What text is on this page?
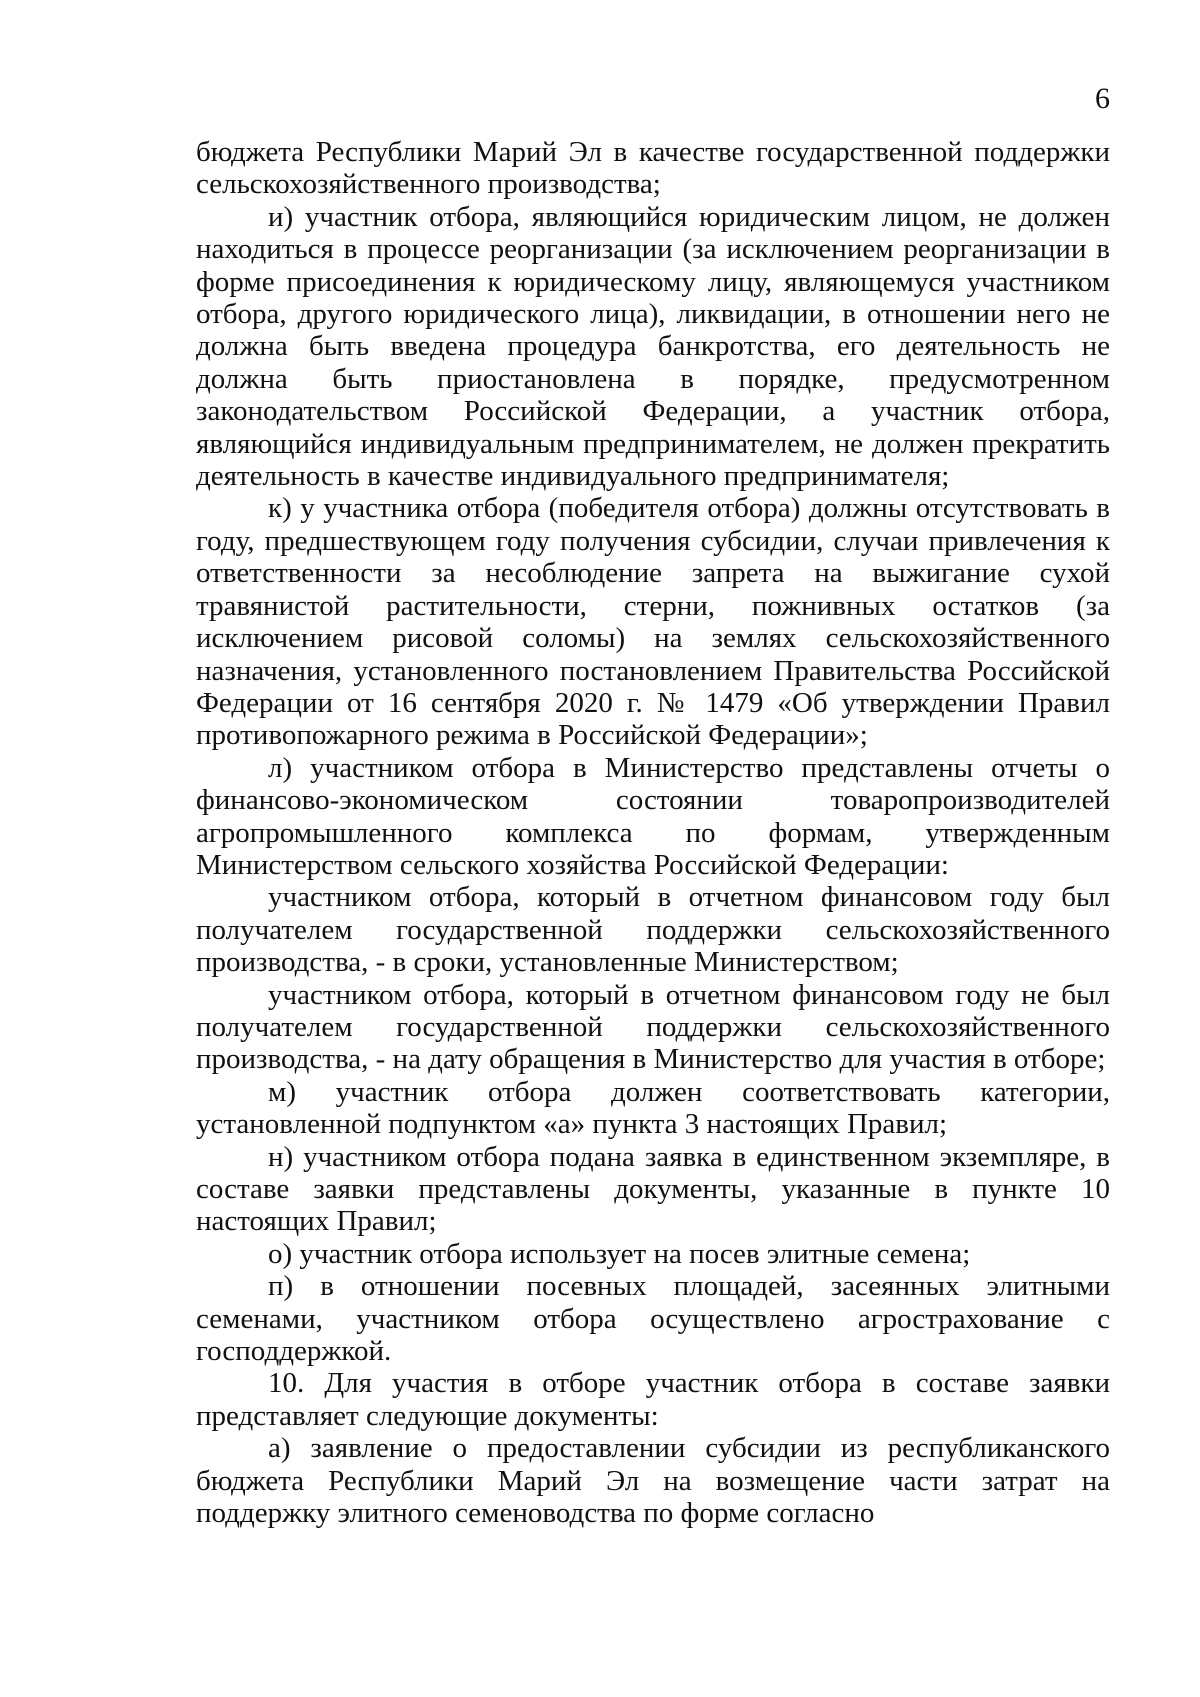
6

бюджета Республики Марий Эл в качестве государственной поддержки сельскохозяйственного производства;

и) участник отбора, являющийся юридическим лицом, не должен находиться в процессе реорганизации (за исключением реорганизации в форме присоединения к юридическому лицу, являющемуся участником отбора, другого юридического лица), ликвидации, в отношении него не должна быть введена процедура банкротства, его деятельность не должна быть приостановлена в порядке, предусмотренном законодательством Российской Федерации, а участник отбора, являющийся индивидуальным предпринимателем, не должен прекратить деятельность в качестве индивидуального предпринимателя;

к) у участника отбора (победителя отбора) должны отсутствовать в году, предшествующем году получения субсидии, случаи привлечения к ответственности за несоблюдение запрета на выжигание сухой травянистой растительности, стерни, пожнивных остатков (за исключением рисовой соломы) на землях сельскохозяйственного назначения, установленного постановлением Правительства Российской Федерации от 16 сентября 2020 г. № 1479 «Об утверждении Правил противопожарного режима в Российской Федерации»;

л) участником отбора в Министерство представлены отчеты о финансово-экономическом состоянии товаропроизводителей агропромышленного комплекса по формам, утвержденным Министерством сельского хозяйства Российской Федерации:

участником отбора, который в отчетном финансовом году был получателем государственной поддержки сельскохозяйственного производства, - в сроки, установленные Министерством;

участником отбора, который в отчетном финансовом году не был получателем государственной поддержки сельскохозяйственного производства, - на дату обращения в Министерство для участия в отборе;

м) участник отбора должен соответствовать категории, установленной подпунктом «а» пункта 3 настоящих Правил;

н) участником отбора подана заявка в единственном экземпляре, в составе заявки представлены документы, указанные в пункте 10 настоящих Правил;

о) участник отбора использует на посев элитные семена;

п) в отношении посевных площадей, засеянных элитными семенами, участником отбора осуществлено агрострахование с господдержкой.

10. Для участия в отборе участник отбора в составе заявки представляет следующие документы:

а) заявление о предоставлении субсидии из республиканского бюджета Республики Марий Эл на возмещение части затрат на поддержку элитного семеноводства по форме согласно
